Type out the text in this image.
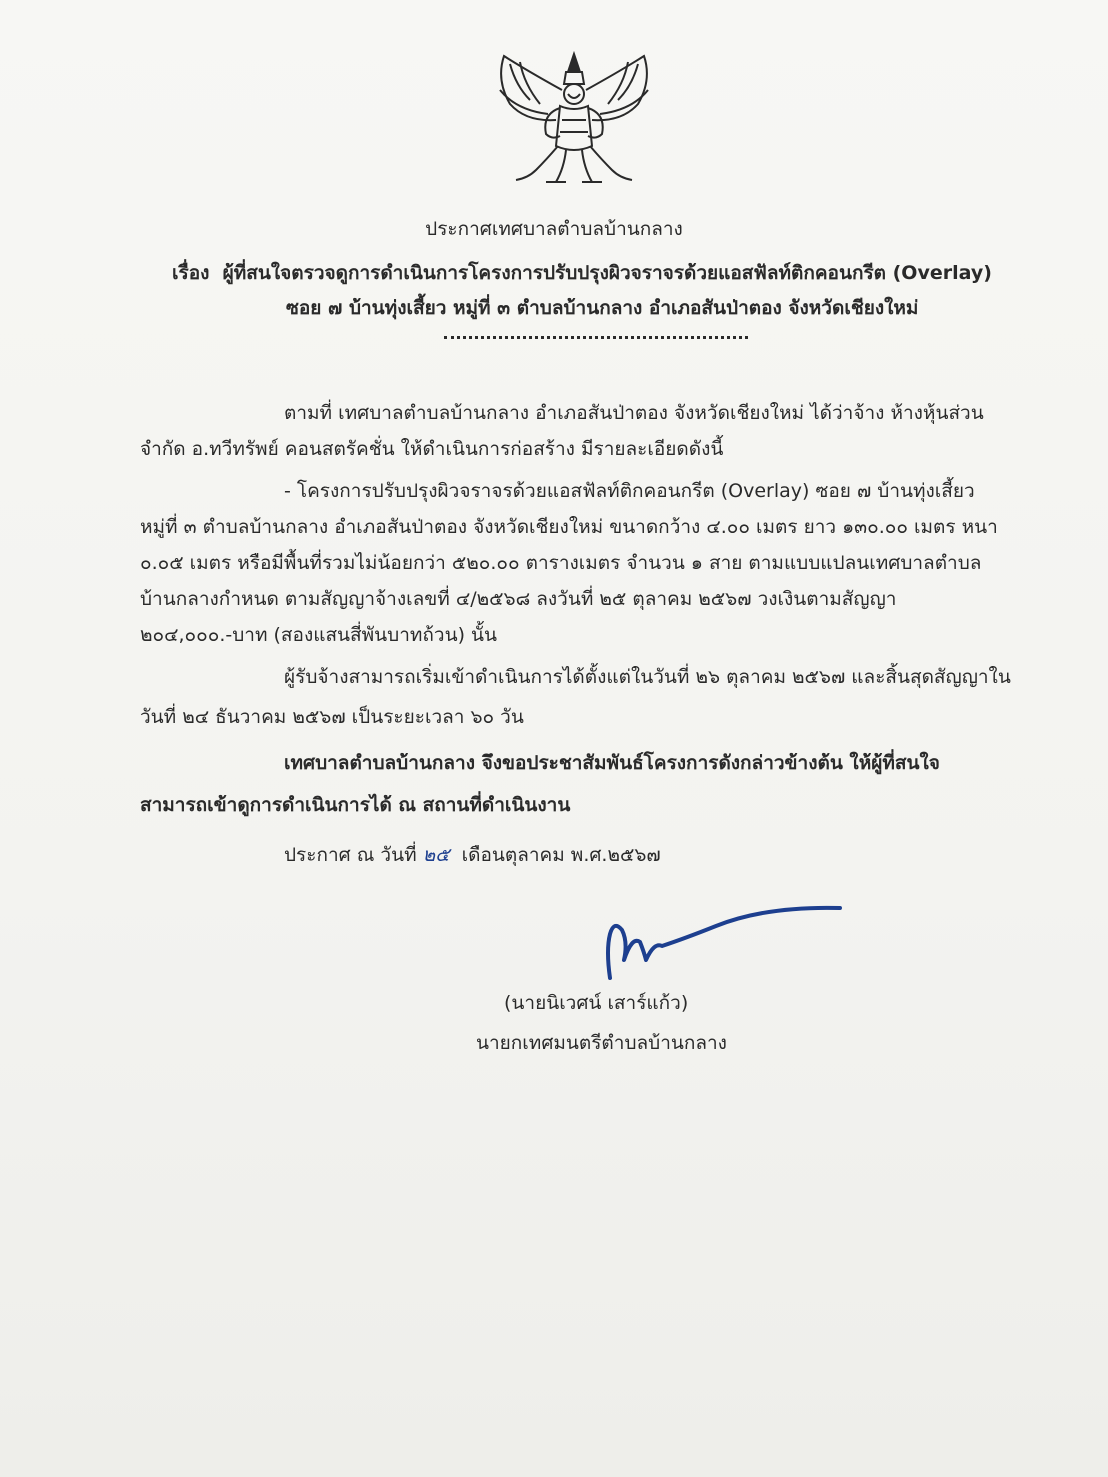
ประกาศเทศบาลตำบลบ้านกลาง
เรื่อง ผู้ที่สนใจตรวจดูการดำเนินการโครงการปรับปรุงผิวจราจรด้วยแอสฟัลท์ติกคอนกรีต (Overlay)
ซอย ๗ บ้านทุ่งเสี้ยว หมู่ที่ ๓ ตำบลบ้านกลาง อำเภอสันป่าตอง จังหวัดเชียงใหม่
ตามที่ เทศบาลตำบลบ้านกลาง อำเภอสันป่าตอง จังหวัดเชียงใหม่ ได้ว่าจ้าง ห้างหุ้นส่วน
จำกัด อ.ทวีทรัพย์ คอนสตรัคชั่น ให้ดำเนินการก่อสร้าง มีรายละเอียดดังนี้
- โครงการปรับปรุงผิวจราจรด้วยแอสฟัลท์ติกคอนกรีต (Overlay) ซอย ๗ บ้านทุ่งเสี้ยว
หมู่ที่ ๓ ตำบลบ้านกลาง อำเภอสันป่าตอง จังหวัดเชียงใหม่ ขนาดกว้าง ๔.๐๐ เมตร ยาว ๑๓๐.๐๐ เมตร หนา
๐.๐๕ เมตร หรือมีพื้นที่รวมไม่น้อยกว่า ๕๒๐.๐๐ ตารางเมตร จำนวน ๑ สาย ตามแบบแปลนเทศบาลตำบล
บ้านกลางกำหนด ตามสัญญาจ้างเลขที่ ๔/๒๕๖๘ ลงวันที่ ๒๕ ตุลาคม ๒๕๖๗ วงเงินตามสัญญา
๒๐๔,๐๐๐.-บาท (สองแสนสี่พันบาทถ้วน) นั้น
ผู้รับจ้างสามารถเริ่มเข้าดำเนินการได้ตั้งแต่ในวันที่ ๒๖ ตุลาคม ๒๕๖๗ และสิ้นสุดสัญญาใน
วันที่ ๒๔ ธันวาคม ๒๕๖๗ เป็นระยะเวลา ๖๐ วัน
เทศบาลตำบลบ้านกลาง จึงขอประชาสัมพันธ์โครงการดังกล่าวข้างต้น ให้ผู้ที่สนใจ
สามารถเข้าดูการดำเนินการได้ ณ สถานที่ดำเนินงาน
ประกาศ ณ วันที่ ๒๕ เดือนตุลาคม พ.ศ.๒๕๖๗
(นายนิเวศน์ เสาร์แก้ว)
นายกเทศมนตรีตำบลบ้านกลาง
